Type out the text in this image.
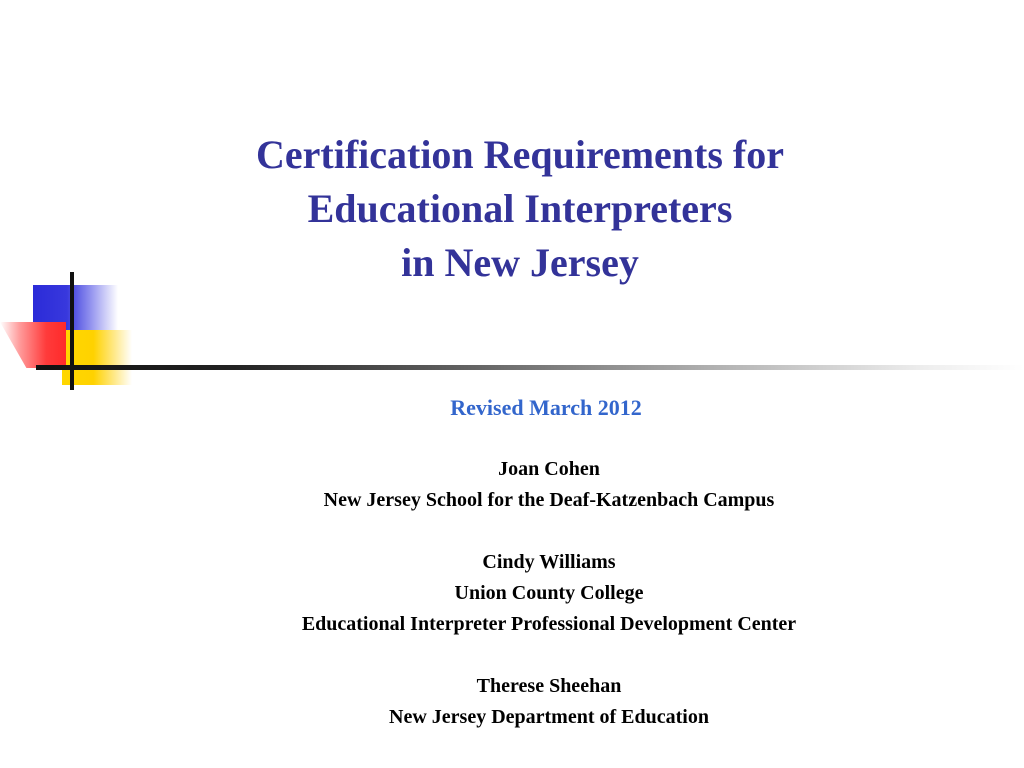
Certification Requirements for
Educational Interpreters
in New Jersey
Revised March 2012
Joan Cohen
New Jersey School for the Deaf-Katzenbach Campus
Cindy Williams
Union County College
Educational Interpreter Professional Development Center
Therese Sheehan
New Jersey Department of Education
